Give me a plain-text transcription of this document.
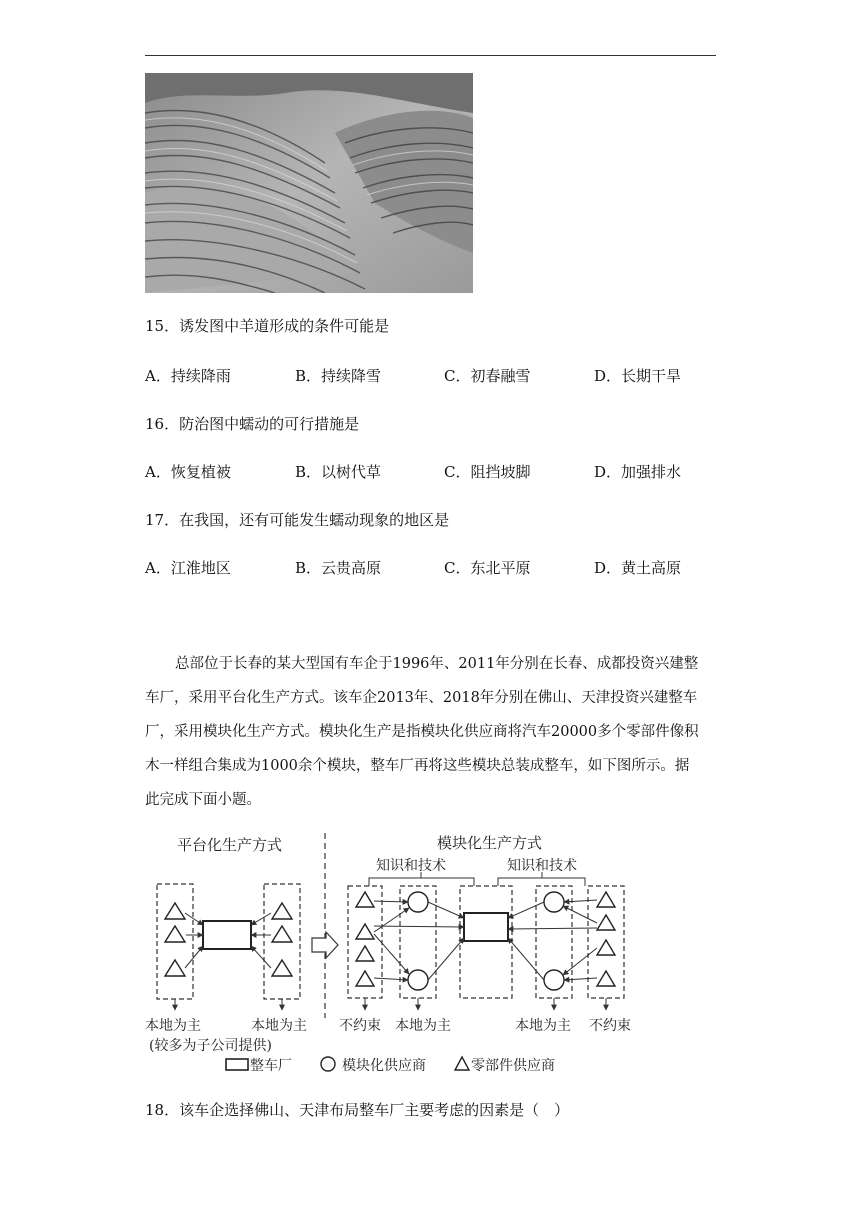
15．诱发图中羊道形成的条件可能是
A．持续降雨	B．持续降雪	C．初春融雪	D．长期干旱
16．防治图中蠕动的可行措施是
A．恢复植被	B．以树代草	C．阻挡坡脚	D．加强排水
17．在我国，还有可能发生蠕动现象的地区是
A．江淮地区	B．云贵高原	C．东北平原	D．黄土高原
总部位于长春的某大型国有车企于1996年、2011年分别在长春、成都投资兴建整
车厂，采用平台化生产方式。该车企2013年、2018年分别在佛山、天津投资兴建整车
厂，采用模块化生产方式。模块化生产是指模块化供应商将汽车20000多个零部件像积
木一样组合集成为1000余个模块，整车厂再将这些模块总装成整车，如下图所示。据
此完成下面小题。
平台化生产方式	模块化生产方式
知识和技术	知识和技术
本地为主
(较多为子公司提供)
本地为主 不约束 本地为主	本地为主 不约束
整车厂	模块化供应商	零部件供应商
18．该车企选择佛山、天津布局整车厂主要考虑的因素是（　）
